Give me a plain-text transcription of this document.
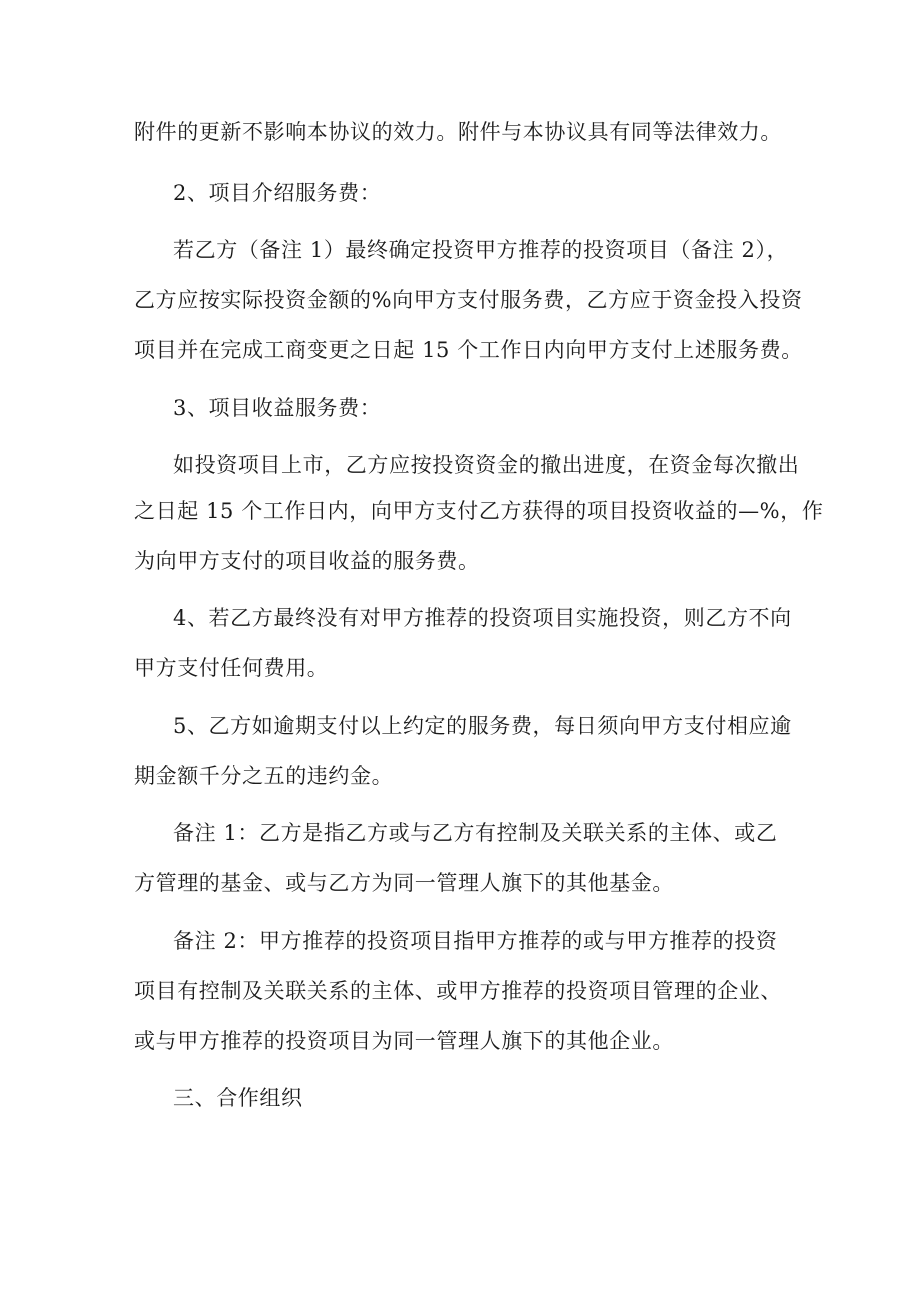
附件的更新不影响本协议的效力。附件与本协议具有同等法律效力。
2、项目介绍服务费：
若乙方（备注 1）最终确定投资甲方推荐的投资项目（备注 2），
乙方应按实际投资金额的%向甲方支付服务费，乙方应于资金投入投资
项目并在完成工商变更之日起 15 个工作日内向甲方支付上述服务费。
3、项目收益服务费：
如投资项目上市，乙方应按投资资金的撤出进度，在资金每次撤出
之日起 15 个工作日内，向甲方支付乙方获得的项目投资收益的—%，作
为向甲方支付的项目收益的服务费。
4、若乙方最终没有对甲方推荐的投资项目实施投资，则乙方不向
甲方支付任何费用。
5、乙方如逾期支付以上约定的服务费，每日须向甲方支付相应逾
期金额千分之五的违约金。
备注 1：乙方是指乙方或与乙方有控制及关联关系的主体、或乙
方管理的基金、或与乙方为同一管理人旗下的其他基金。
备注 2：甲方推荐的投资项目指甲方推荐的或与甲方推荐的投资
项目有控制及关联关系的主体、或甲方推荐的投资项目管理的企业、
或与甲方推荐的投资项目为同一管理人旗下的其他企业。
三、合作组织
